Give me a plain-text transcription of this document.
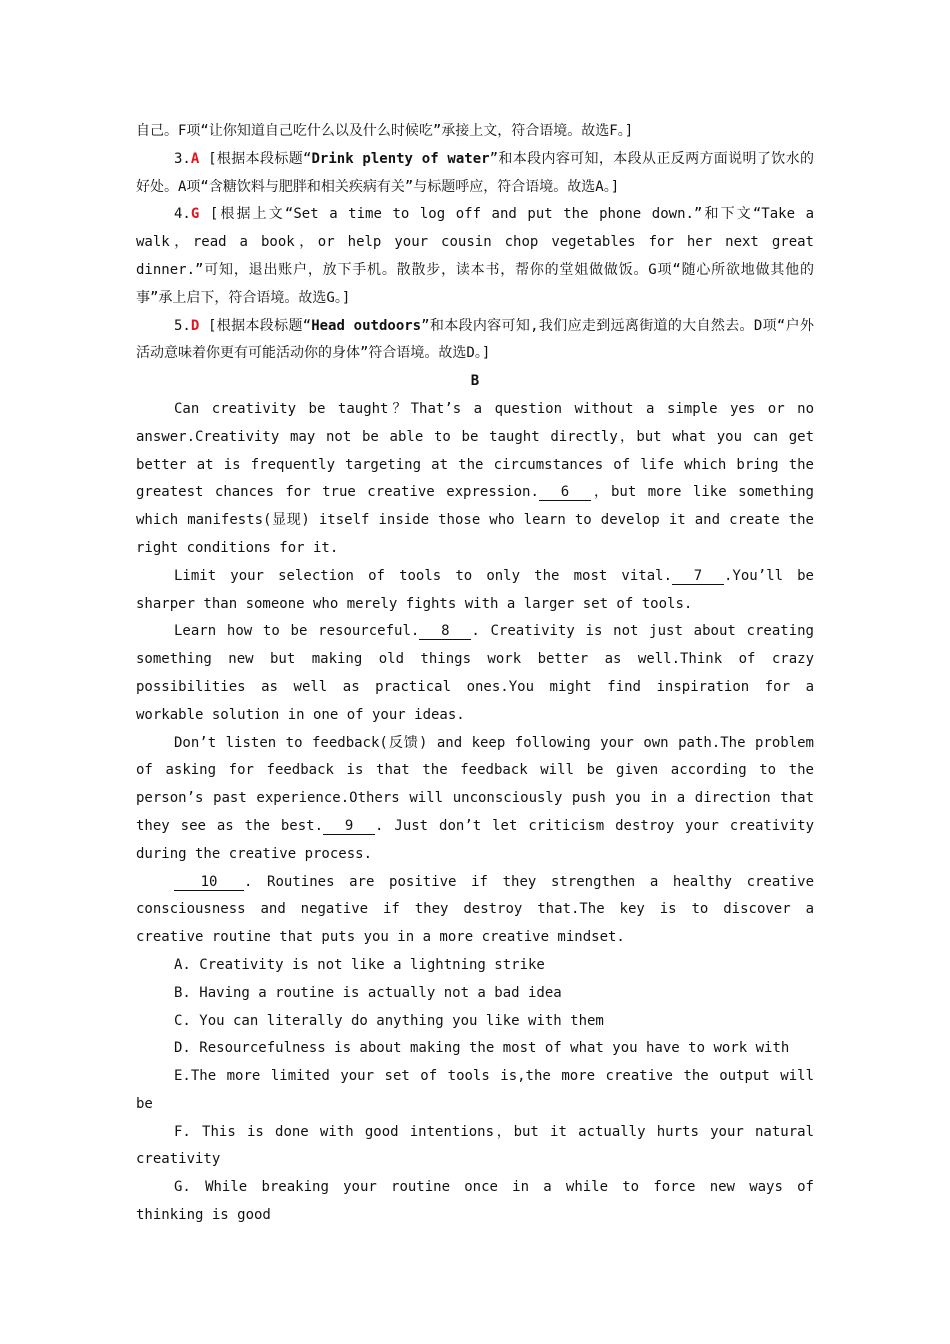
自己。F项“让你知道自己吃什么以及什么时候吃”承接上文，符合语境。故选F。]

3.A [根据本段标题“Drink plenty of water”和本段内容可知，本段从正反两方面说明了饮水的好处。A项“含糖饮料与肥胖和相关疾病有关”与标题呼应，符合语境。故选A。]

4.G [根据上文“Set a time to log off and put the phone down.”和下文“Take a walk，read a book，or help your cousin chop vegetables for her next great dinner.”可知，退出账户，放下手机。散散步，读本书，帮你的堂姐做做饭。G项“随心所欲地做其他的事”承上启下，符合语境。故选G。]

5.D [根据本段标题“Head outdoors”和本段内容可知,我们应走到远离街道的大自然去。D项“户外活动意味着你更有可能活动你的身体”符合语境。故选D。]

B

Can creativity be taught？That’s a question without a simple yes or no answer.Creativity may not be able to be taught directly，but what you can get better at is frequently targeting at the circumstances of life which bring the greatest chances for true creative expression. 6 ，but more like something which manifests(显现) itself inside those who learn to develop it and create the right conditions for it.

Limit your selection of tools to only the most vital. 7 .You’ll be sharper than someone who merely fights with a larger set of tools.

Learn how to be resourceful. 8 . Creativity is not just about creating something new but making old things work better as well.Think of crazy possibilities as well as practical ones.You might find inspiration for a workable solution in one of your ideas.

Don’t listen to feedback(反馈) and keep following your own path.The problem of asking for feedback is that the feedback will be given according to the person’s past experience.Others will unconsciously push you in a direction that they see as the best. 9 . Just don’t let criticism destroy your creativity during the creative process.

10 . Routines are positive if they strengthen a healthy creative consciousness and negative if they destroy that.The key is to discover a creative routine that puts you in a more creative mindset.

A. Creativity is not like a lightning strike

B. Having a routine is actually not a bad idea

C. You can literally do anything you like with them

D. Resourcefulness is about making the most of what you have to work with

E.The more limited your set of tools is,the more creative the output will be

F. This is done with good intentions，but it actually hurts your natural creativity

G. While breaking your routine once in a while to force new ways of thinking is good
